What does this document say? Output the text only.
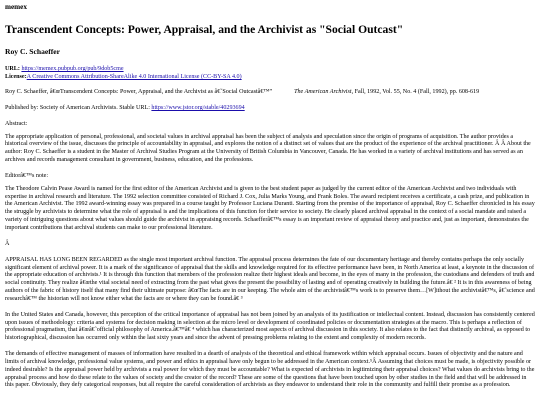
memex
Transcendent Concepts: Power, Appraisal, and the Archivist as "Social Outcast"
Roy C. Schaeffer
URL: https://memex.pubpub.org/pub/9dob5cme
License:A Creative Commons Attribution-ShareAlike 4.0 International License (CC-BY-SA 4.0)

Roy C. Schaeffer, â€œTranscendent Concepts: Power, Appraisal, and the Archivist as â€˜Social Outcastâ€™”	The American Archivist, Fall, 1992, Vol. 55, No. 4 (Fall, 1992), pp. 608-619

Published by: Society of American Archivists. Stable URL: https://www.jstor.org/stable/40293694

Abstract:

The appropriate application of personal, professional, and societal values in archival appraisal has been the subject of analysis and speculation since the origin of programs of acquisition. The author provides a historical overview of the issue, discusses the principle of accountability in appraisal, and explores the notion of a distinct set of values that are the product of the experience of the archival practitioner. Â Â About the author: Roy C. Schaeffer is a student in the Master of Archival Studies Program at the University of British Columbia in Vancouver, Canada. He has worked in a variety of archival institutions and has served as an archives and records management consultant in government, business, education, and the professions.

Editorâ€™s note:

The Theodore Calvin Pease Award is named for the first editor of the American Archivist and is given to the best student paper as judged by the current editor of the American Archivist and two individuals with expertise in archival research and literature. The 1992 selection committee consisted of Richard J. Cox, Julia Marks Young, and Frank Boles. The award recipient receives a certificate, a cash prize, and publication in the American Archivist. The 1992 award-winning essay was prepared in a course taught by Professor Luciana Duranti. Starting from the premise of the importance of appraisal, Roy C. Schaeffer chronicled in his essay the struggle by archivists to determine what the role of appraisal is and the implications of this function for their service to society. He clearly placed archival appraisal in the context of a social mandate and raised a variety of intriguing questions about what values should guide the archivist in appraising records. Schaefferâ€™s essay is an important review of appraisal theory and practice and, just as important, demonstrates the important contributions that archival students can make to our professional literature.

Â

APPRAISAL HAS LONG BEEN REGARDED as the single most important archival function. The appraisal process determines the fate of our documentary heritage and thereby contains perhaps the only socially significant element of archival power. It is a mark of the significance of appraisal that the skills and knowledge required for its effective performance have been, in North America at least, a keynote in the discussion of the appropriate education of archivists.¹ It is through this function that members of the profession realize their highest ideals and become, in the eyes of many in the profession, the custodians and defenders of truth and social continuity. They realize â€œthe vital societal need of extracting from the past what gives the present the possibility of lasting and of operating creatively in building the future.â€ ² It is in this awareness of being authors of the fabric of history itself that many find their ultimate purpose: â€œThe facts are in our keeping. The whole aim of the archivistâ€™s work is to preserve them…[W]ithout the archivistâ€™s, â€˜science and researchâ€™ the historian will not know either what the facts are or where they can be found.â€ ³

In the United States and Canada, however, this perception of the critical importance of appraisal has not been joined by an analysis of its justification or intellectual content. Instead, discussion has consistently centered upon issues of methodology: criteria and systems for decision making in selection at the micro level or development of coordinated policies or documentation strategies at the macro. This is perhaps a reflection of professional pragmatism, that â€œâ€˜official philosophy of America.â€™â€ ⁴ which has characterized most aspects of archival discussion in this society. It also relates to the fact that distinctly archival, as opposed to historiographical, discussion has occurred only within the last sixty years and since the advent of pressing problems relating to the extent and complexity of modern records.

The demands of effective management of masses of information have resulted in a dearth of analysis of the theoretical and ethical framework within which appraisal occurs. Issues of objectivity and the nature and limits of archival knowledge, professional value systems, and power and ethics in appraisal have only begun to be addressed in the American context.⁵Â Assuming that choices must be made, is objectivity possible or indeed desirable? Is the appraisal power held by archivists a real power for which they must be accountable? What is expected of archivists in legitimizing their appraisal choices? What values do archivists bring to the appraisal process and how do these relate to the values of society and the creator of the record? These are some of the questions that have been touched upon by other studies in the field and that will be addressed in this paper. Obviously, they defy categorical responses, but all require the careful consideration of archivists as they endeavor to understand their role in the community and fulfill their promise as a profession.
